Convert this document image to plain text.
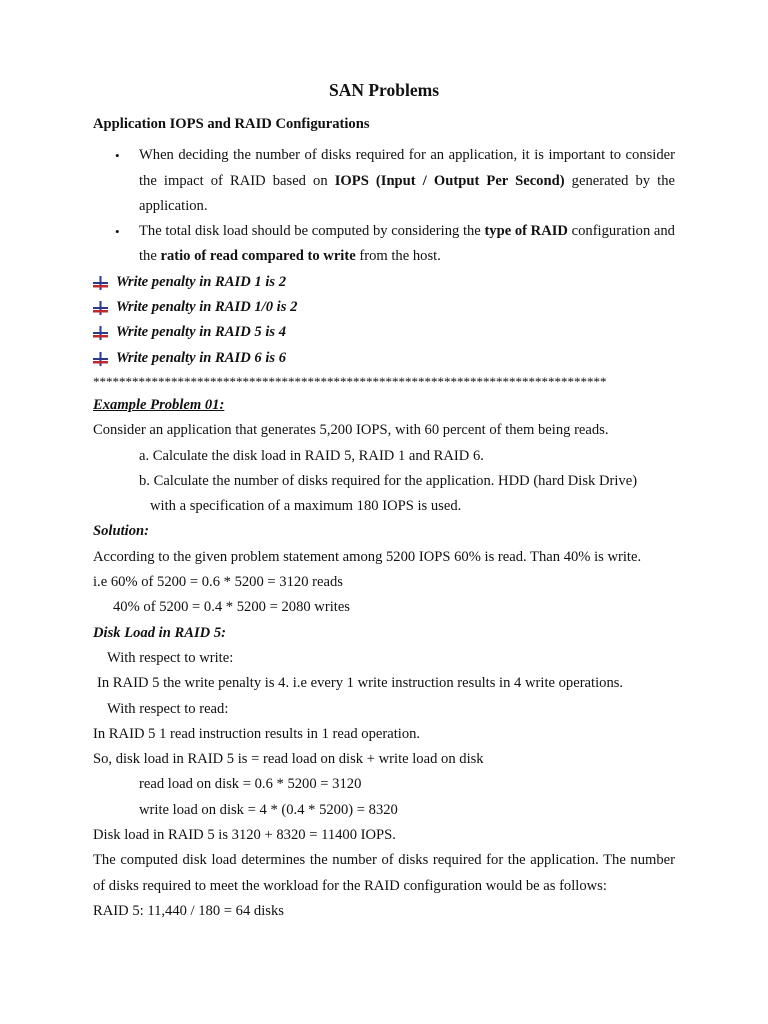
SAN Problems
Application IOPS and RAID Configurations
• When deciding the number of disks required for an application, it is important to consider the impact of RAID based on IOPS (Input / Output Per Second) generated by the application.
• The total disk load should be computed by considering the type of RAID configuration and the ratio of read compared to write from the host.
Write penalty in RAID 1 is 2
Write penalty in RAID 1/0 is 2
Write penalty in RAID 5 is 4
Write penalty in RAID 6 is 6
*******************************************************************************
Example Problem 01:
Consider an application that generates 5,200 IOPS, with 60 percent of them being reads.
a. Calculate the disk load in RAID 5, RAID 1 and RAID 6.
b. Calculate the number of disks required for the application. HDD (hard Disk Drive)
with a specification of a maximum 180 IOPS is used.
Solution:
According to the given problem statement among 5200 IOPS 60% is read. Than 40% is write.
i.e 60% of 5200 = 0.6 * 5200 = 3120 reads
40% of 5200 = 0.4 * 5200 = 2080 writes
Disk Load in RAID 5:
With respect to write:
In RAID 5 the write penalty is 4. i.e every 1 write instruction results in 4 write operations.
With respect to read:
In RAID 5 1 read instruction results in 1 read operation.
So, disk load in RAID 5 is = read load on disk + write load on disk
read load on disk = 0.6 * 5200 = 3120
write load on disk = 4 * (0.4 * 5200) = 8320
Disk load in RAID 5 is 3120 + 8320 = 11400 IOPS.
The computed disk load determines the number of disks required for the application. The number of disks required to meet the workload for the RAID configuration would be as follows:
RAID 5: 11,440 / 180 = 64 disks
